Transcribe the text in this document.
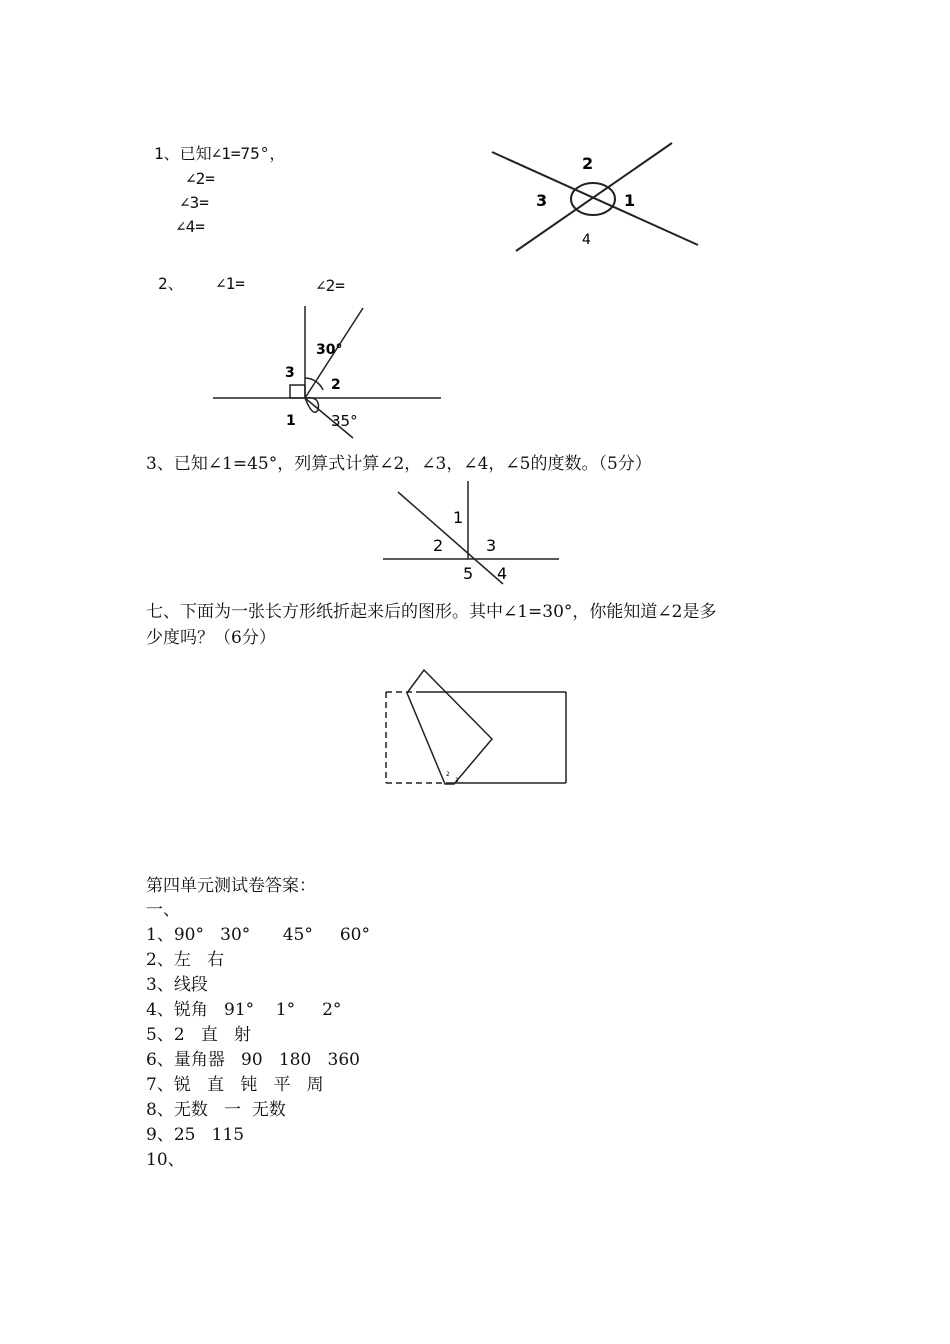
1、已知∠1=75°，
∠2=
∠3=
∠4=
2
3	1
4
2、 ∠1=	∠2=
30°
2
3
1 35°
3、已知∠1=45°，列算式计算∠2，∠3，∠4，∠5的度数。（5分）
1
2	3
5 4
七、下面为一张长方形纸折起来后的图形。其中∠1=30°，你能知道∠2是多
少度吗？（6分）
2
1
第四单元测试卷答案：
一、
1、90°   30°      45°     60°
2、左   右
3、线段
4、锐角   91°    1°     2°
5、2   直   射
6、量角器   90   180   360
7、锐   直   钝   平   周
8、无数   一  无数
9、25   115
10、
